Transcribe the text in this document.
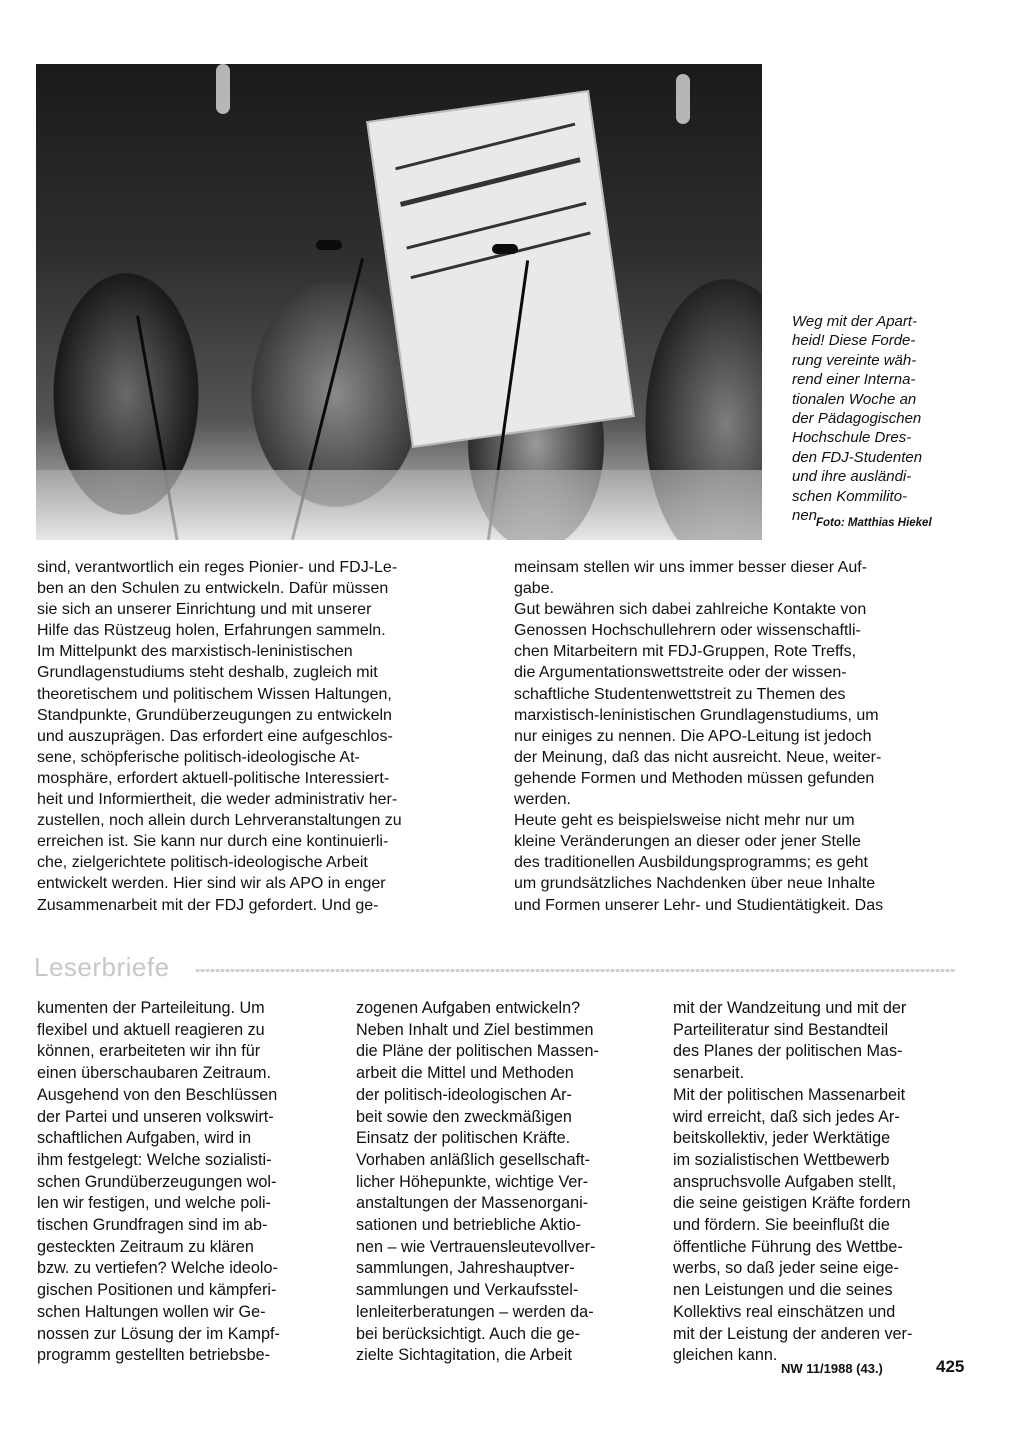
Weg mit der Apart-
heid! Diese Forde-
rung vereinte wäh-
rend einer Interna-
tionalen Woche an
der Pädagogischen
Hochschule Dres-
den FDJ-Studenten
und ihre ausländi-
schen Kommilito-
nen.
Foto: Matthias Hiekel
sind, verantwortlich ein reges Pionier- und FDJ-Le-
ben an den Schulen zu entwickeln. Dafür müssen
sie sich an unserer Einrichtung und mit unserer
Hilfe das Rüstzeug holen, Erfahrungen sammeln.
Im Mittelpunkt des marxistisch-leninistischen
Grundlagenstudiums steht deshalb, zugleich mit
theoretischem und politischem Wissen Haltungen,
Standpunkte, Grundüberzeugungen zu entwickeln
und auszuprägen. Das erfordert eine aufgeschlos-
sene, schöpferische politisch-ideologische At-
mosphäre, erfordert aktuell-politische Interessiert-
heit und Informiertheit, die weder administrativ her-
zustellen, noch allein durch Lehrveranstaltungen zu
erreichen ist. Sie kann nur durch eine kontinuierli-
che, zielgerichtete politisch-ideologische Arbeit
entwickelt werden. Hier sind wir als APO in enger
Zusammenarbeit mit der FDJ gefordert. Und ge-
meinsam stellen wir uns immer besser dieser Auf-
gabe.
Gut bewähren sich dabei zahlreiche Kontakte von
Genossen Hochschullehrern oder wissenschaftli-
chen Mitarbeitern mit FDJ-Gruppen, Rote Treffs,
die Argumentationswettstreite oder der wissen-
schaftliche Studentenwettstreit zu Themen des
marxistisch-leninistischen Grundlagenstudiums, um
nur einiges zu nennen. Die APO-Leitung ist jedoch
der Meinung, daß das nicht ausreicht. Neue, weiter-
gehende Formen und Methoden müssen gefunden
werden.
Heute geht es beispielsweise nicht mehr nur um
kleine Veränderungen an dieser oder jener Stelle
des traditionellen Ausbildungsprogramms; es geht
um grundsätzliches Nachdenken über neue Inhalte
und Formen unserer Lehr- und Studientätigkeit. Das
Leserbriefe
kumenten der Parteileitung. Um
flexibel und aktuell reagieren zu
können, erarbeiteten wir ihn für
einen überschaubaren Zeitraum.
Ausgehend von den Beschlüssen
der Partei und unseren volkswirt-
schaftlichen Aufgaben, wird in
ihm festgelegt: Welche sozialisti-
schen Grundüberzeugungen wol-
len wir festigen, und welche poli-
tischen Grundfragen sind im ab-
gesteckten Zeitraum zu klären
bzw. zu vertiefen? Welche ideolo-
gischen Positionen und kämpferi-
schen Haltungen wollen wir Ge-
nossen zur Lösung der im Kampf-
programm gestellten betriebsbe-
zogenen Aufgaben entwickeln?
Neben Inhalt und Ziel bestimmen
die Pläne der politischen Massen-
arbeit die Mittel und Methoden
der politisch-ideologischen Ar-
beit sowie den zweckmäßigen
Einsatz der politischen Kräfte.
Vorhaben anläßlich gesellschaft-
licher Höhepunkte, wichtige Ver-
anstaltungen der Massenorgani-
sationen und betriebliche Aktio-
nen – wie Vertrauensleutevollver-
sammlungen, Jahreshauptver-
sammlungen und Verkaufsstel-
lenleiterberatungen – werden da-
bei berücksichtigt. Auch die ge-
zielte Sichtagitation, die Arbeit
mit der Wandzeitung und mit der
Parteiliteratur sind Bestandteil
des Planes der politischen Mas-
senarbeit.
Mit der politischen Massenarbeit
wird erreicht, daß sich jedes Ar-
beitskollektiv, jeder Werktätige
im sozialistischen Wettbewerb
anspruchsvolle Aufgaben stellt,
die seine geistigen Kräfte fordern
und fördern. Sie beeinflußt die
öffentliche Führung des Wettbe-
werbs, so daß jeder seine eige-
nen Leistungen und die seines
Kollektivs real einschätzen und
mit der Leistung der anderen ver-
gleichen kann.
NW 11/1988 (43.)	425
